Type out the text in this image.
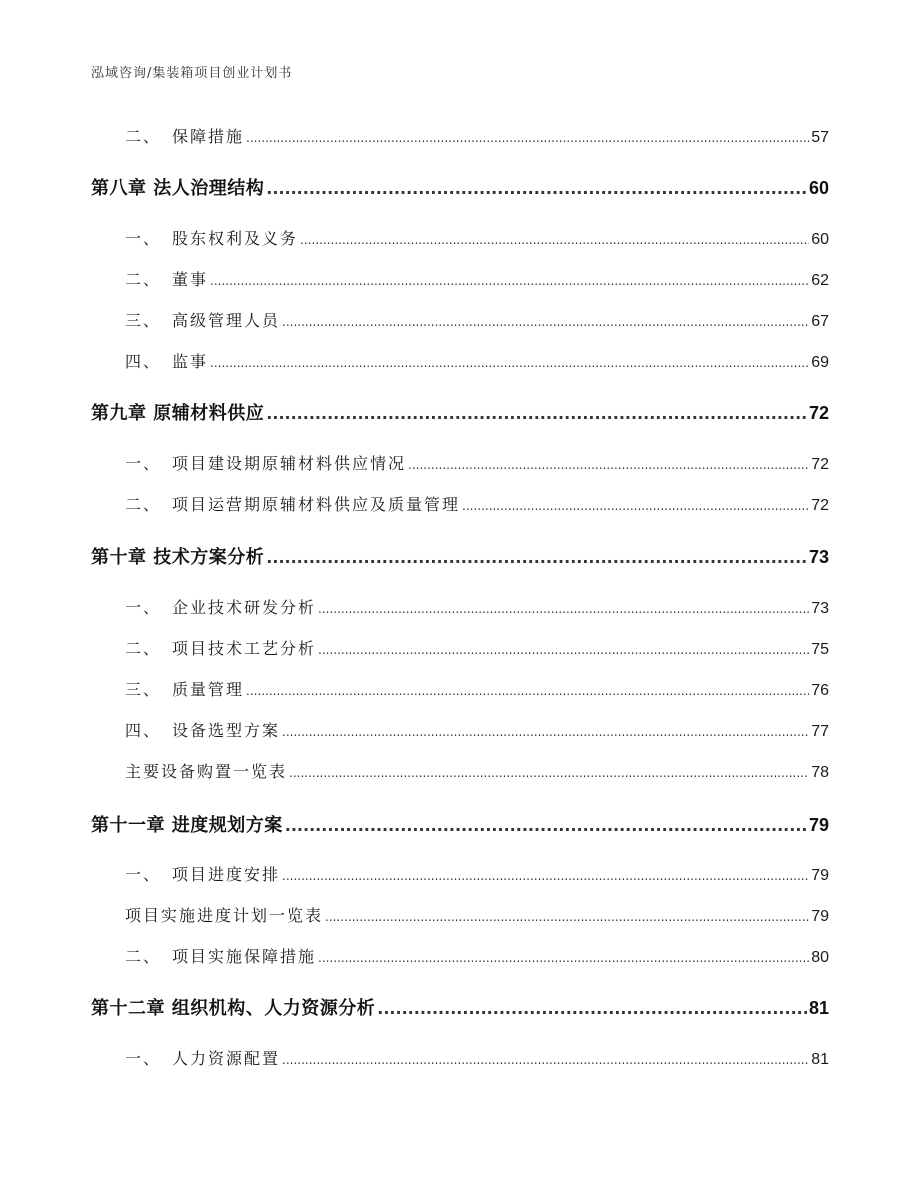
泓域咨询/集装箱项目创业计划书
二、 保障措施 .....	57
第八章 法人治理结构 .....	60
一、 股东权利及义务 .....	60
二、 董事 .....	62
三、 高级管理人员 .....	67
四、 监事 .....	69
第九章 原辅材料供应 .....	72
一、 项目建设期原辅材料供应情况 .....	72
二、 项目运营期原辅材料供应及质量管理 .....	72
第十章 技术方案分析 .....	73
一、 企业技术研发分析 .....	73
二、 项目技术工艺分析 .....	75
三、 质量管理 .....	76
四、 设备选型方案 .....	77
主要设备购置一览表 .....	78
第十一章 进度规划方案 .....	79
一、 项目进度安排 .....	79
项目实施进度计划一览表 .....	79
二、 项目实施保障措施 .....	80
第十二章 组织机构、人力资源分析 .....	81
一、 人力资源配置 .....	81
